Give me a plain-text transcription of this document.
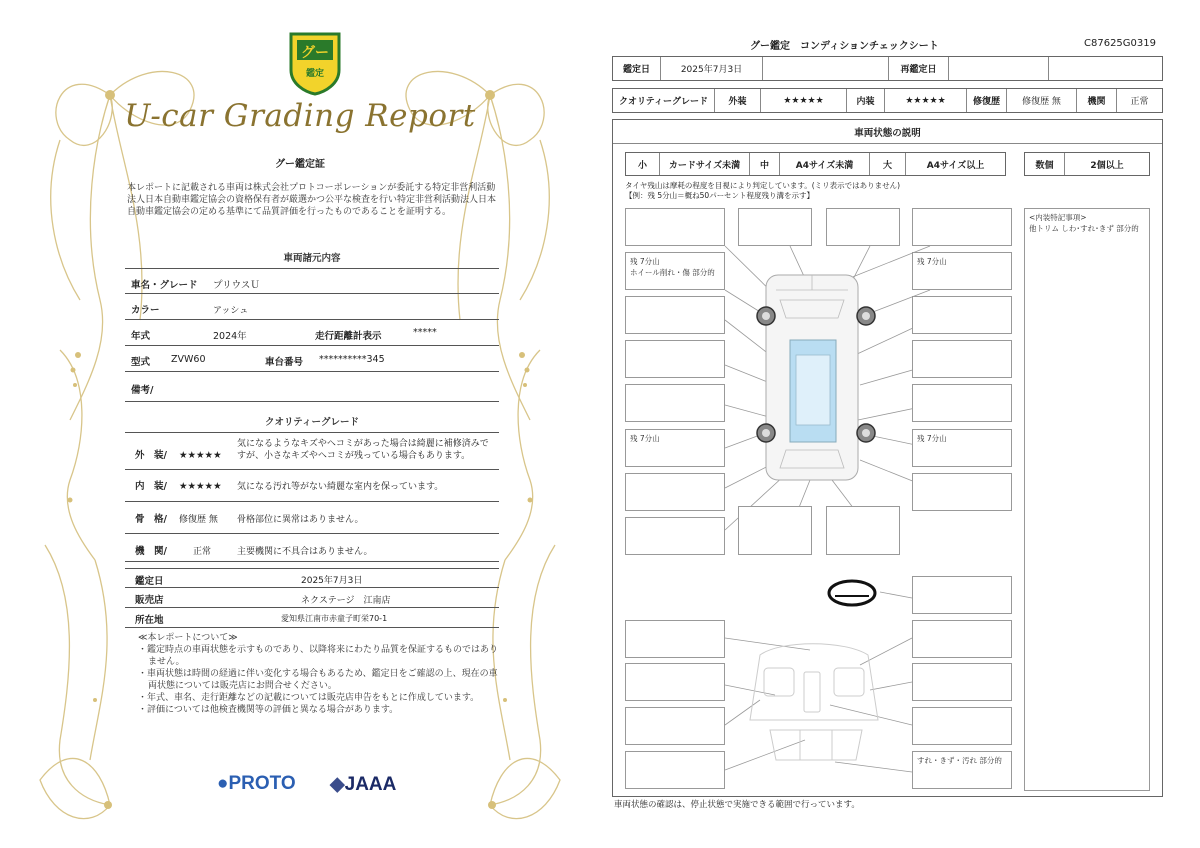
グー
鑑定
U-car Grading Report
グー鑑定証
本レポートに記載される車両は株式会社プロトコーポレーションが委託する特定非営利活動法人日本自動車鑑定協会の資格保有者が厳選かつ公平な検査を行い特定非営利活動法人日本自動車鑑定協会の定める基準にて品質評価を行ったものであることを証明する。
車両諸元内容
車名・グレード プリウスＵ
カラー	アッシュ
年式	2024年	走行距離計表示	*****
型式 ZVW60	車台番号 **********345
備考/
クオリティーグレード
外　装/ ★★★★★
気になるようなキズやヘコミがあった場合は綺麗に補修済みですが、小さなキズやヘコミが残っている場合もあります。
内　装/ ★★★★★ 気になる汚れ等がない綺麗な室内を保っています。
骨　格/ 修復歴 無 骨格部位に異常はありません。
機　関/	正常	主要機関に不具合はありません。
鑑定日	2025年7月3日
販売店	ネクステージ　江南店
所在地	愛知県江南市赤童子町栄70-1
≪本レポートについて≫
・鑑定時点の車両状態を示すものであり、以降将来にわたり品質を保証するものではありません。
・車両状態は時間の経過に伴い変化する場合もあるため、鑑定日をご確認の上、現在の車両状態については販売店にお問合せください。
・年式、車名、走行距離などの記載については販売店申告をもとに作成しています。
・評価については他検査機関等の評価と異なる場合があります。
●PROTO ◆JAAA
グー鑑定　コンディションチェックシート	C87625G0319
鑑定日	2025年7月3日	再鑑定日
クオリティーグレード	外装	★★★★★	内装	★★★★★	修復歴	修復歴 無	機関	正常
車両状態の説明
小	カードサイズ未満	中	A4サイズ未満	大	A4サイズ以上	数個	2個以上
タイヤ残山は摩耗の程度を目視により判定しています。(ミリ表示ではありません)
【例：残 5分山＝概ね50パーセント程度残り溝を示す】
残 7分山
ホイール削れ・傷 部分的
残 7分山
残 7分山	残 7分山
すれ・きず・汚れ 部分的
<内装特記事項>
他トリム しわ･すれ･きず 部分的
車両状態の確認は、停止状態で実施できる範囲で行っています。
